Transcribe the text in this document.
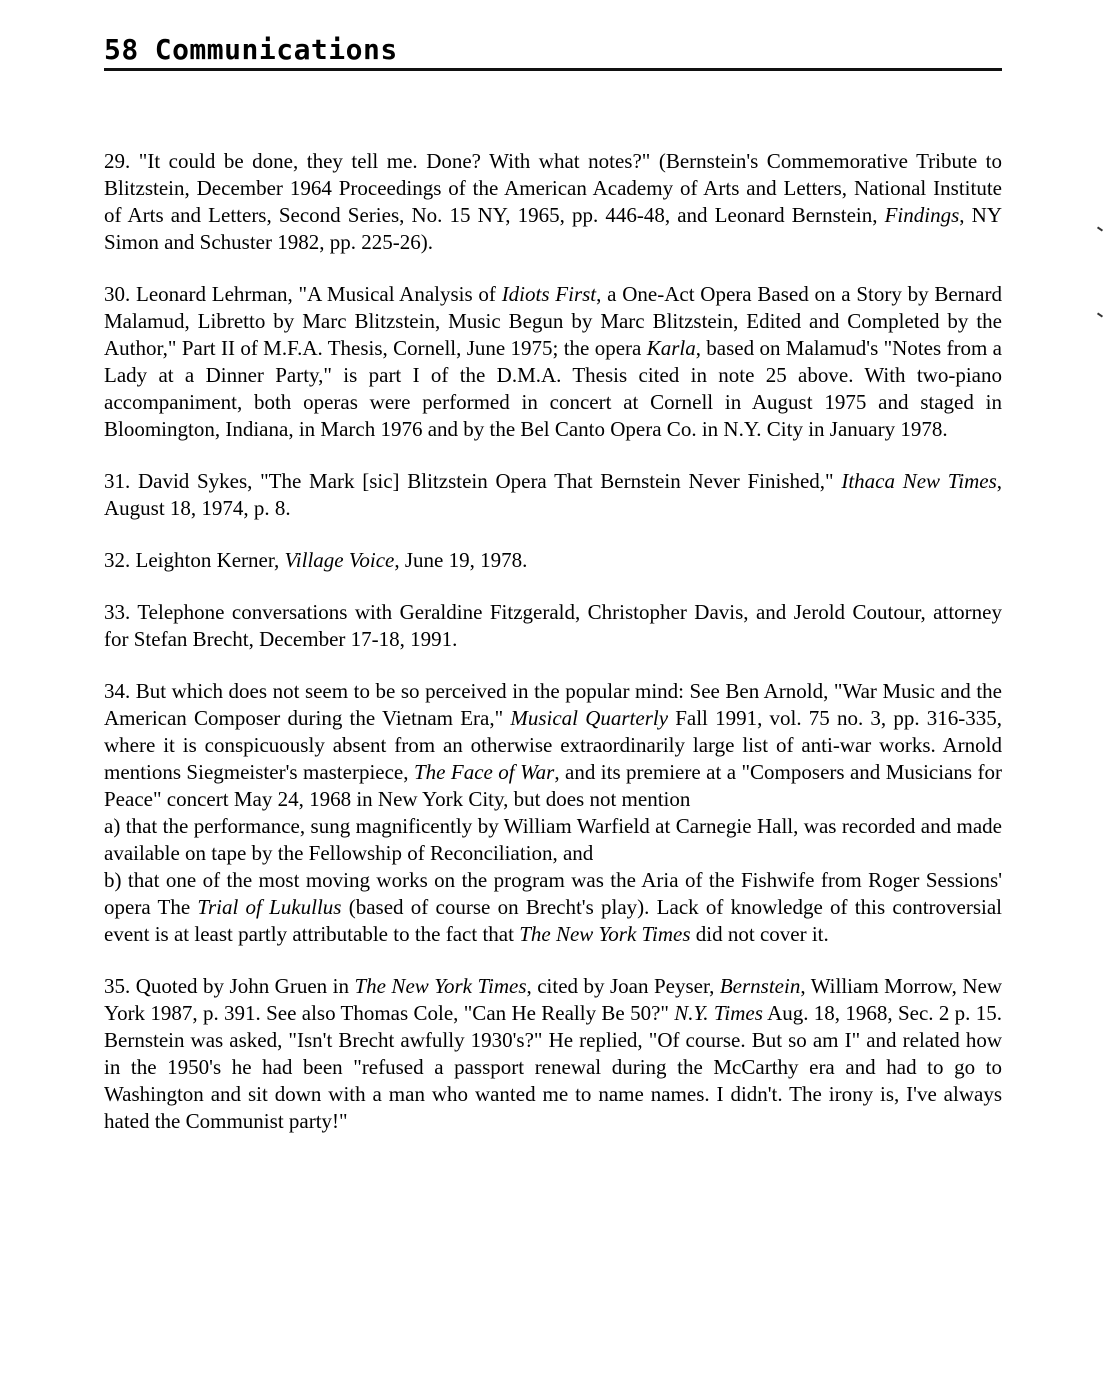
58 Communications

29. "It could be done, they tell me. Done? With what notes?" (Bernstein's Commemorative Tribute to Blitzstein, December 1964 Proceedings of the American Academy of Arts and Letters, National Institute of Arts and Letters, Second Series, No. 15 NY, 1965, pp. 446-48, and Leonard Bernstein, Findings, NY Simon and Schuster 1982, pp. 225-26).

30. Leonard Lehrman, "A Musical Analysis of Idiots First, a One-Act Opera Based on a Story by Bernard Malamud, Libretto by Marc Blitzstein, Music Begun by Marc Blitzstein, Edited and Completed by the Author," Part II of M.F.A. Thesis, Cornell, June 1975; the opera Karla, based on Malamud's "Notes from a Lady at a Dinner Party," is part I of the D.M.A. Thesis cited in note 25 above. With two-piano accompaniment, both operas were performed in concert at Cornell in August 1975 and staged in Bloomington, Indiana, in March 1976 and by the Bel Canto Opera Co. in N.Y. City in January 1978.

31. David Sykes, "The Mark [sic] Blitzstein Opera That Bernstein Never Finished," Ithaca New Times, August 18, 1974, p. 8.

32. Leighton Kerner, Village Voice, June 19, 1978.

33. Telephone conversations with Geraldine Fitzgerald, Christopher Davis, and Jerold Coutour, attorney for Stefan Brecht, December 17-18, 1991.

34. But which does not seem to be so perceived in the popular mind: See Ben Arnold, "War Music and the American Composer during the Vietnam Era," Musical Quarterly Fall 1991, vol. 75 no. 3, pp. 316-335, where it is conspicuously absent from an otherwise extraordinarily large list of anti-war works. Arnold mentions Siegmeister's masterpiece, The Face of War, and its premiere at a "Composers and Musicians for Peace" concert May 24, 1968 in New York City, but does not mention

a) that the performance, sung magnificently by William Warfield at Carnegie Hall, was recorded and made available on tape by the Fellowship of Reconciliation, and

b) that one of the most moving works on the program was the Aria of the Fishwife from Roger Sessions' opera The Trial of Lukullus (based of course on Brecht's play). Lack of knowledge of this controversial event is at least partly attributable to the fact that The New York Times did not cover it.

35. Quoted by John Gruen in The New York Times, cited by Joan Peyser, Bernstein, William Morrow, New York 1987, p. 391. See also Thomas Cole, "Can He Really Be 50?" N.Y. Times Aug. 18, 1968, Sec. 2 p. 15. Bernstein was asked, "Isn't Brecht awfully 1930's?" He replied, "Of course. But so am I" and related how in the 1950's he had been "refused a passport renewal during the McCarthy era and had to go to Washington and sit down with a man who wanted me to name names. I didn't. The irony is, I've always hated the Communist party!"
